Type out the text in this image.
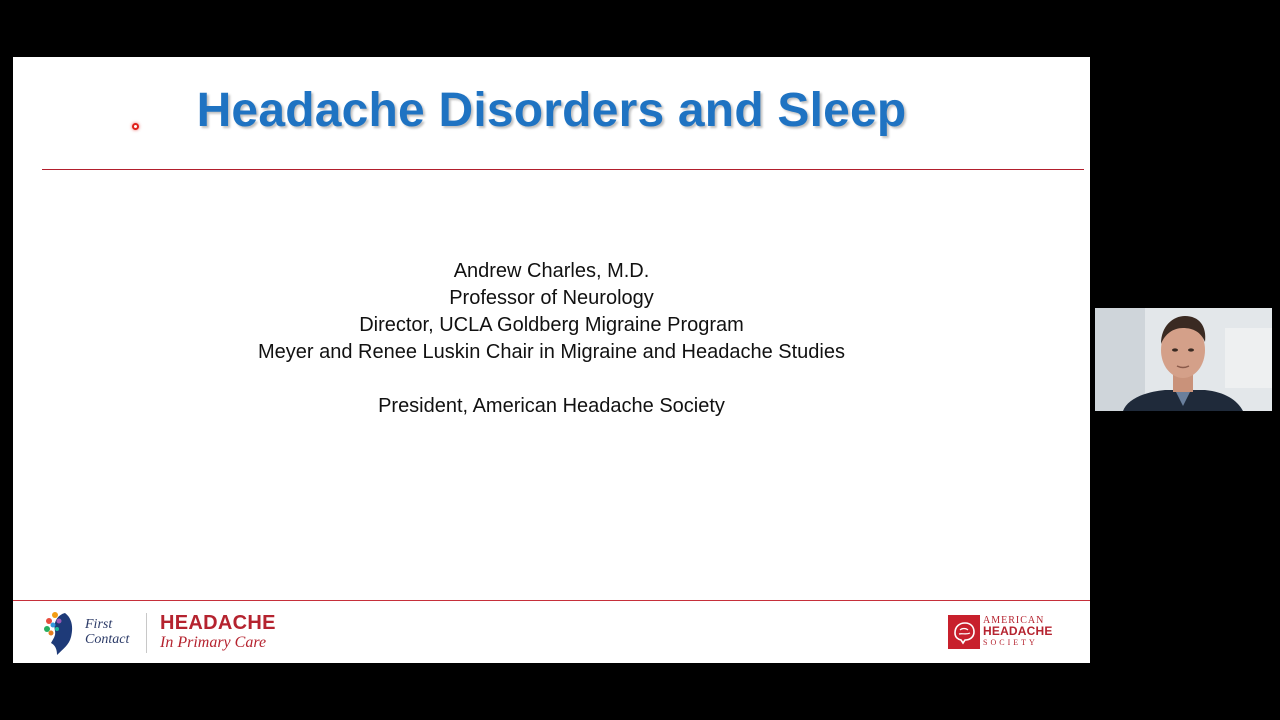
Headache Disorders and Sleep
Andrew Charles, M.D.
Professor of Neurology
Director, UCLA Goldberg Migraine Program
Meyer and Renee Luskin Chair in Migraine and Headache Studies
President, American Headache Society
First
Contact
HEADACHE
In Primary Care
AMERICAN
HEADACHE
SOCIETY
